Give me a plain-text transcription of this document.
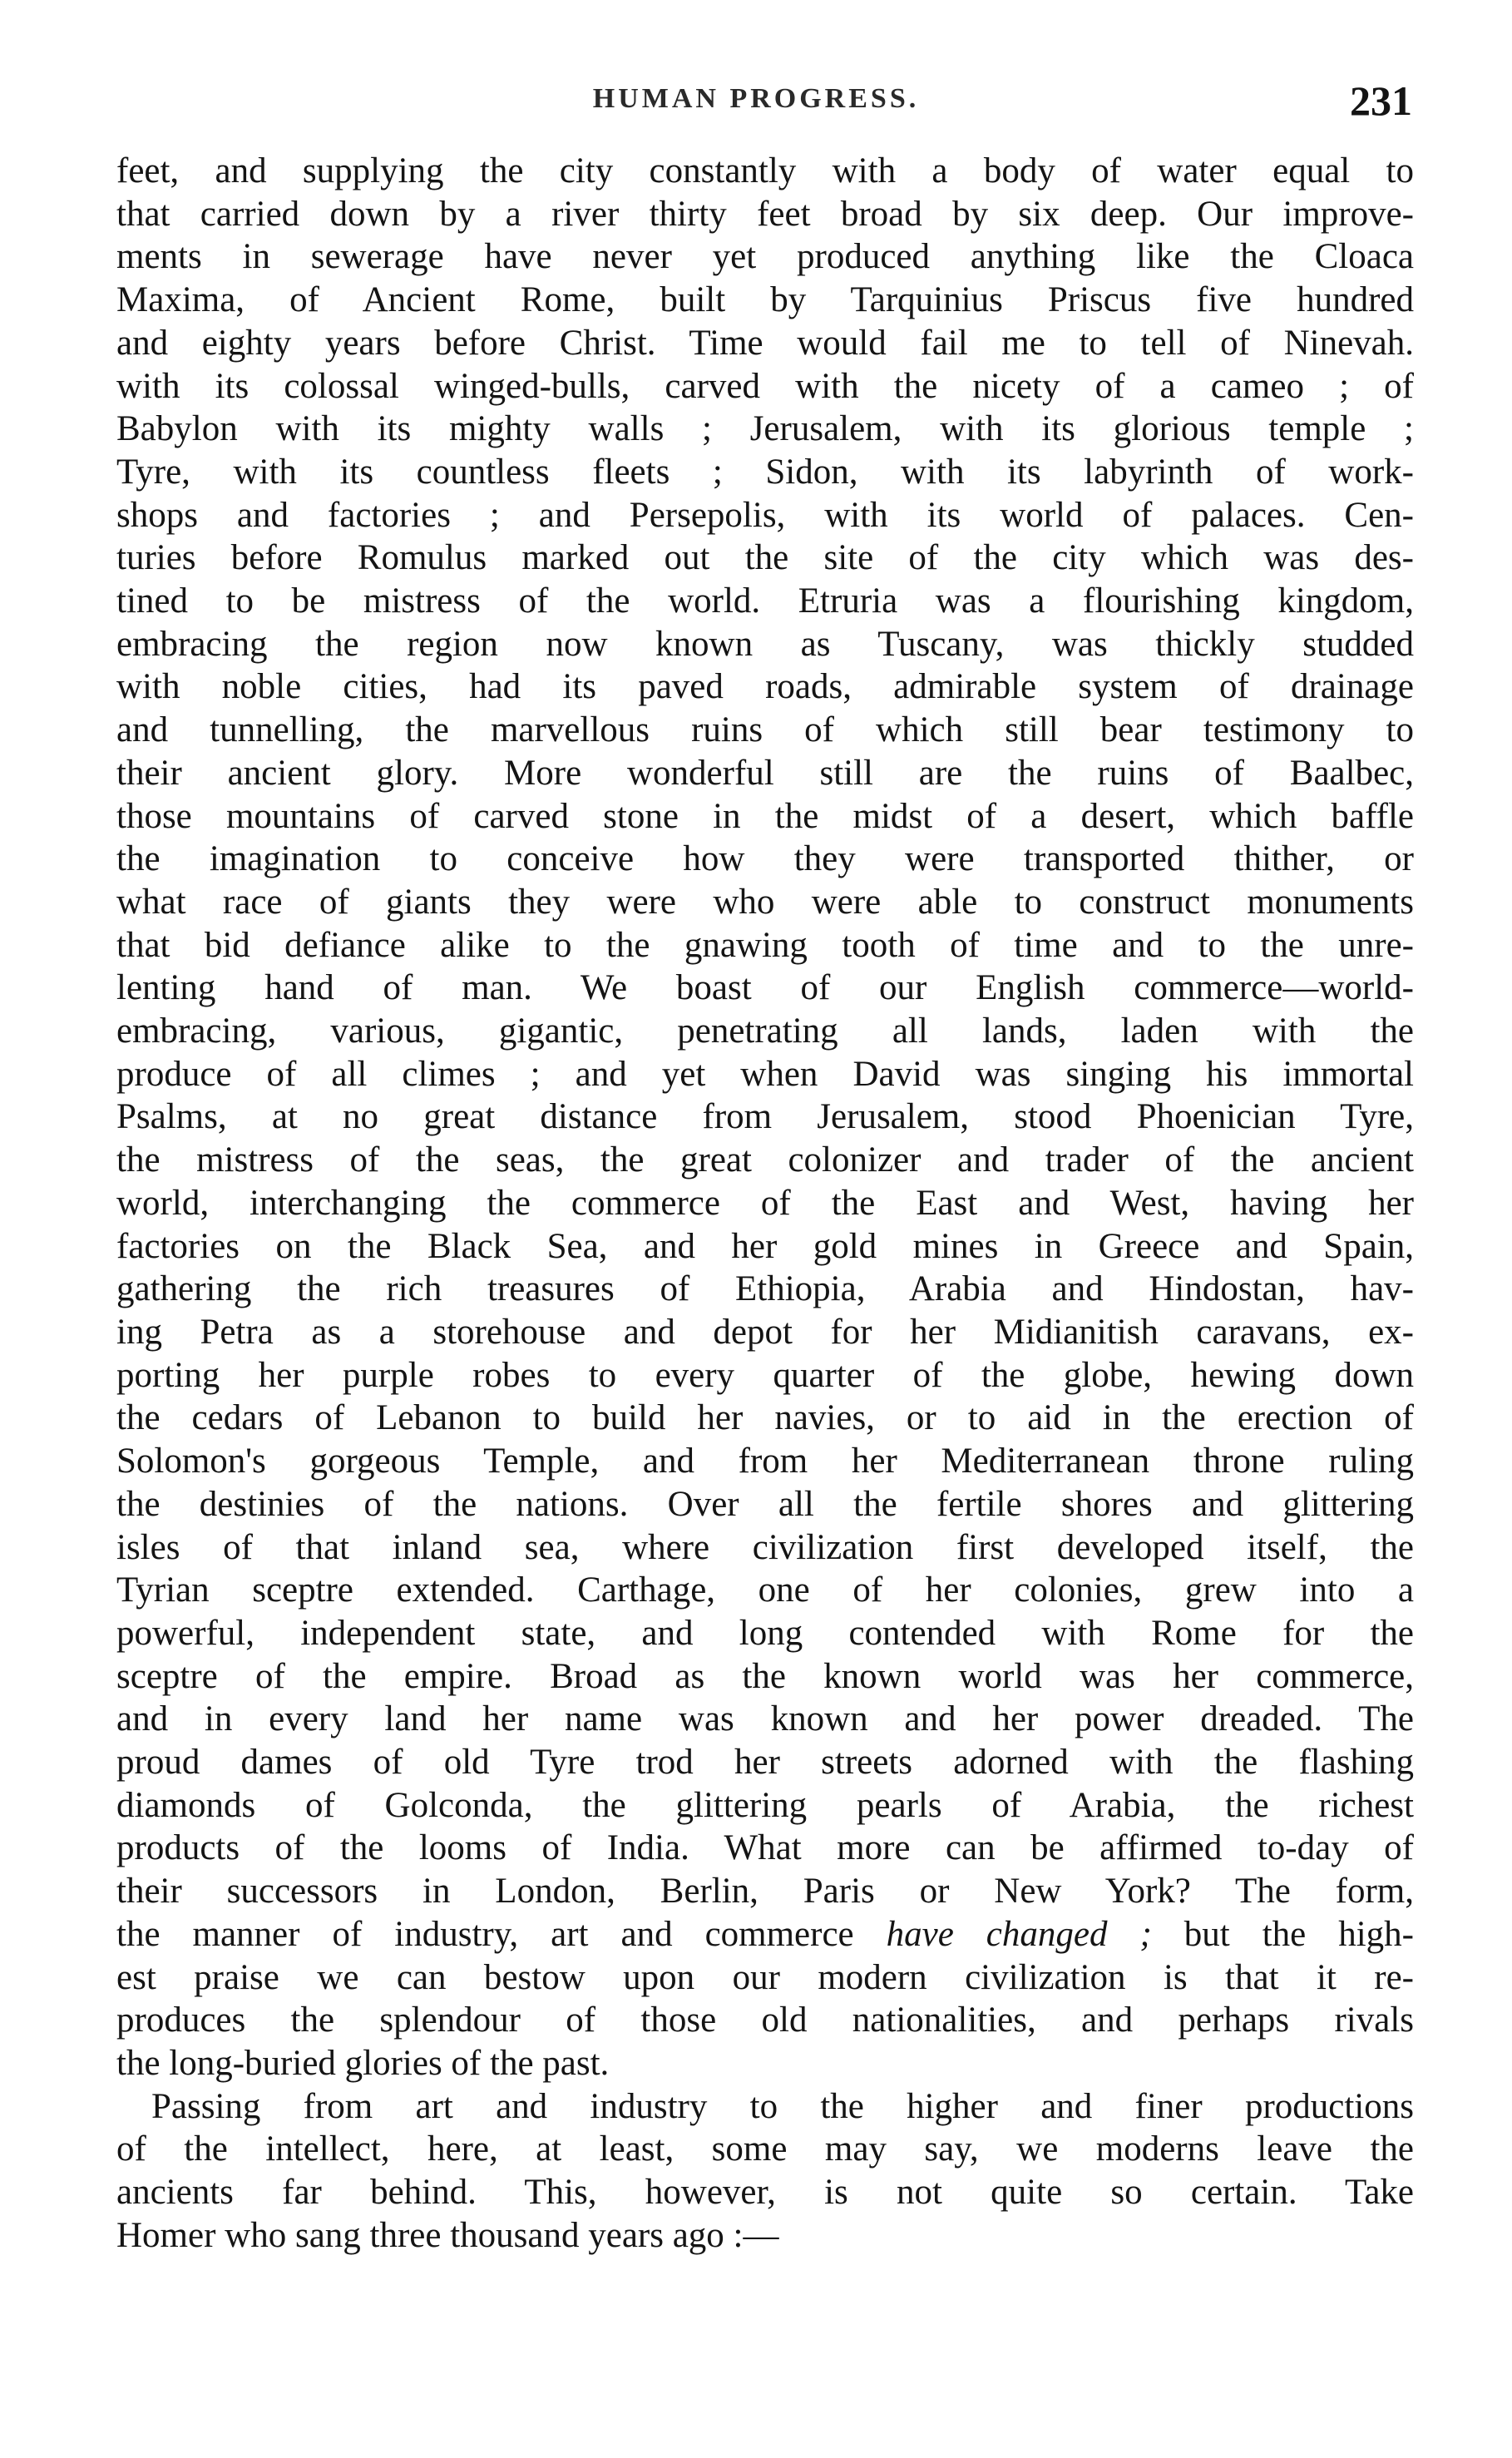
HUMAN PROGRESS.	231
feet, and supplying the city constantly with a body of water equal to
that carried down by a river thirty feet broad by six deep. Our improve-
ments in sewerage have never yet produced anything like the Cloaca
Maxima, of Ancient Rome, built by Tarquinius Priscus five hundred
and eighty years before Christ. Time would fail me to tell of Ninevah.
with its colossal winged-bulls, carved with the nicety of a cameo ; of
Babylon with its mighty walls ; Jerusalem, with its glorious temple ;
Tyre, with its countless fleets ; Sidon, with its labyrinth of work-
shops and factories ; and Persepolis, with its world of palaces. Cen-
turies before Romulus marked out the site of the city which was des-
tined to be mistress of the world. Etruria was a flourishing kingdom,
embracing the region now known as Tuscany, was thickly studded
with noble cities, had its paved roads, admirable system of drainage
and tunnelling, the marvellous ruins of which still bear testimony to
their ancient glory. More wonderful still are the ruins of Baalbec,
those mountains of carved stone in the midst of a desert, which baffle
the imagination to conceive how they were transported thither, or
what race of giants they were who were able to construct monuments
that bid defiance alike to the gnawing tooth of time and to the unre-
lenting hand of man. We boast of our English commerce—world-
embracing, various, gigantic, penetrating all lands, laden with the
produce of all climes ; and yet when David was singing his immortal
Psalms, at no great distance from Jerusalem, stood Phoenician Tyre,
the mistress of the seas, the great colonizer and trader of the ancient
world, interchanging the commerce of the East and West, having her
factories on the Black Sea, and her gold mines in Greece and Spain,
gathering the rich treasures of Ethiopia, Arabia and Hindostan, hav-
ing Petra as a storehouse and depot for her Midianitish caravans, ex-
porting her purple robes to every quarter of the globe, hewing down
the cedars of Lebanon to build her navies, or to aid in the erection of
Solomon's gorgeous Temple, and from her Mediterranean throne ruling
the destinies of the nations. Over all the fertile shores and glittering
isles of that inland sea, where civilization first developed itself, the
Tyrian sceptre extended. Carthage, one of her colonies, grew into a
powerful, independent state, and long contended with Rome for the
sceptre of the empire. Broad as the known world was her commerce,
and in every land her name was known and her power dreaded. The
proud dames of old Tyre trod her streets adorned with the flashing
diamonds of Golconda, the glittering pearls of Arabia, the richest
products of the looms of India. What more can be affirmed to-day of
their successors in London, Berlin, Paris or New York? The form,
the manner of industry, art and commerce have changed ; but the high-
est praise we can bestow upon our modern civilization is that it re-
produces the splendour of those old nationalities, and perhaps rivals
the long-buried glories of the past.
Passing from art and industry to the higher and finer productions
of the intellect, here, at least, some may say, we moderns leave the
ancients far behind. This, however, is not quite so certain. Take
Homer who sang three thousand years ago :—
